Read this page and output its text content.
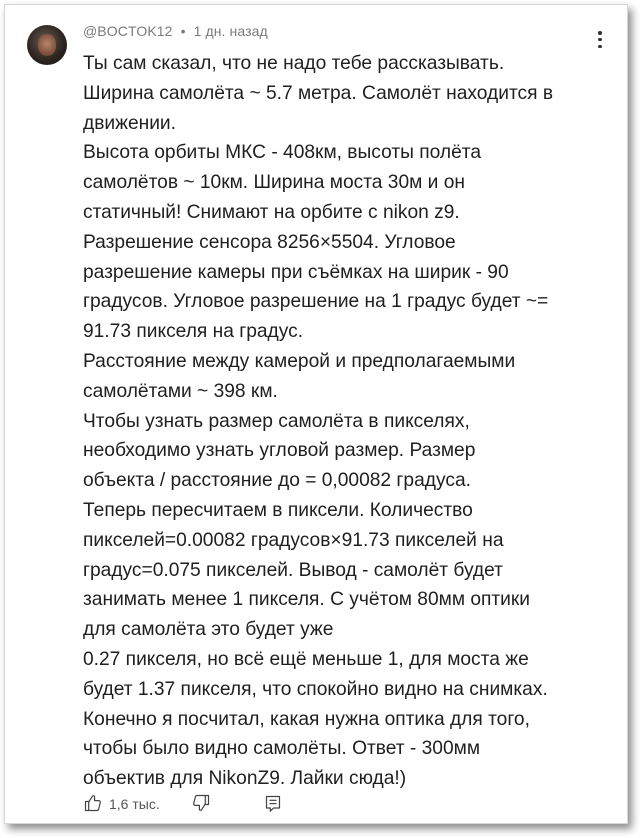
@BOCTOK12 • 1 дн. назад
Ты сам сказал, что не надо тебе рассказывать.
Ширина самолёта ~ 5.7 метра. Самолёт находится в
движении.
Высота орбиты МКС - 408км, высоты полёта
самолётов ~ 10км. Ширина моста 30м и он
статичный! Снимают на орбите с nikon z9.
Разрешение сенсора 8256×5504. Угловое
разрешение камеры при съёмках на ширик - 90
градусов. Угловое разрешение на 1 градус будет ~=
91.73 пикселя на градус.
Расстояние между камерой и предполагаемыми
самолётами ~ 398 км.
Чтобы узнать размер самолёта в пикселях,
необходимо узнать угловой размер. Размер
объекта / расстояние до = 0,00082 градуса.
Теперь пересчитаем в пиксели. Количество
пикселей=0.00082 градусов×91.73 пикселей на
градус=0.075 пикселей. Вывод - самолёт будет
занимать менее 1 пикселя. С учётом 80мм оптики
для самолёта это будет уже
0.27 пикселя, но всё ещё меньше 1, для моста же
будет 1.37 пикселя, что спокойно видно на снимках.
Конечно я посчитал, какая нужна оптика для того,
чтобы было видно самолёты. Ответ - 300мм
объектив для NikonZ9. Лайки сюда!)
1,6 тыс.
